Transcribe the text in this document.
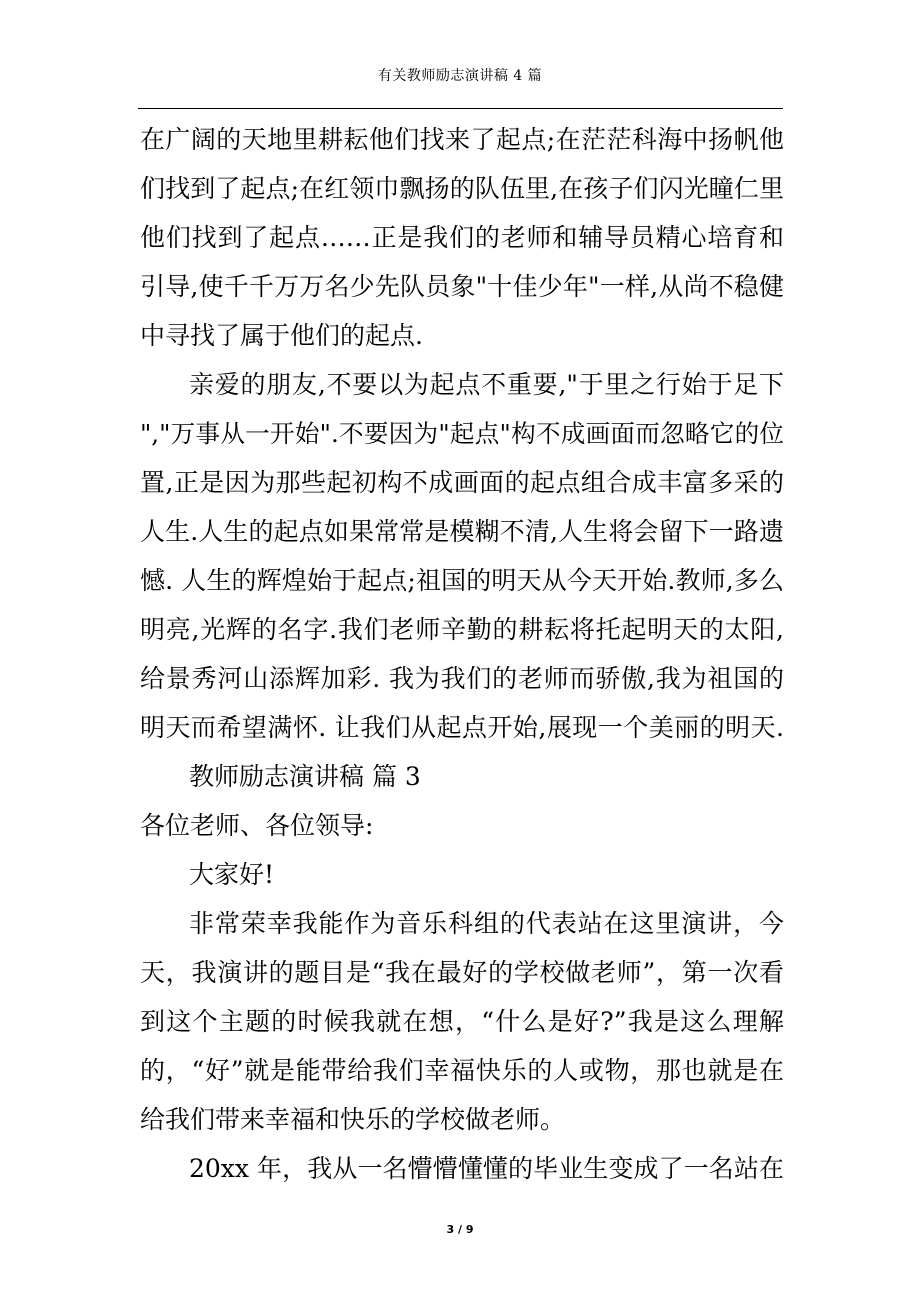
有关教师励志演讲稿 4 篇
在广阔的天地里耕耘他们找来了起点;在茫茫科海中扬帆他
们找到了起点;在红领巾飘扬的队伍里,在孩子们闪光瞳仁里
他们找到了起点……正是我们的老师和辅导员精心培育和
引导,使千千万万名少先队员象"十佳少年"一样,从尚不稳健
中寻找了属于他们的起点.
亲爱的朋友,不要以为起点不重要,"于里之行始于足下
","万事从一开始".不要因为"起点"构不成画面而忽略它的位
置,正是因为那些起初构不成画面的起点组合成丰富多采的
人生.人生的起点如果常常是模糊不清,人生将会留下一路遗
憾. 人生的辉煌始于起点;祖国的明天从今天开始.教师,多么
明亮,光辉的名字.我们老师辛勤的耕耘将托起明天的太阳,
给景秀河山添辉加彩. 我为我们的老师而骄傲,我为祖国的
明天而希望满怀. 让我们从起点开始,展现一个美丽的明天.
教师励志演讲稿 篇 3
各位老师、各位领导:
大家好!
非常荣幸我能作为音乐科组的代表站在这里演讲，今
天，我演讲的题目是“我在最好的学校做老师”，第一次看
到这个主题的时候我就在想，“什么是好?”我是这么理解
的，“好”就是能带给我们幸福快乐的人或物，那也就是在
给我们带来幸福和快乐的学校做老师。
20xx 年，我从一名懵懵懂懂的毕业生变成了一名站在
3 / 9
